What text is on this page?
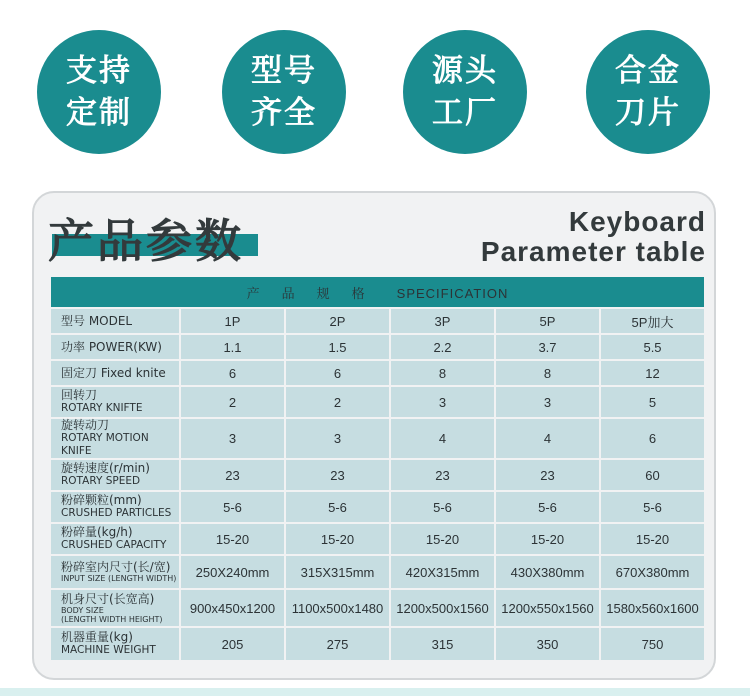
支持
定制
型号
齐全
源头
工厂
合金
刀片
产品参数	Keyboard
Parameter table
产品规格 SPECIFICATION					
型号 MODEL	1P	2P	3P	5P	5P加大
功率 POWER(KW)	1.1	1.5	2.2	3.7	5.5
固定刀 Fixed knite	6	6	8	8	12

回转刀
ROTARY KNIFTE	2	2	3	3	5

旋转动刀
ROTARY MOTION KNIFE	3	3	4	4	6

旋转速度(r/min)
ROTARY SPEED	23	23	23	23	60

粉碎颗粒(mm)
CRUSHED PARTICLES	5-6	5-6	5-6	5-6	5-6

粉碎量(kg/h)
CRUSHED CAPACITY	15-20	15-20	15-20	15-20	15-20

粉碎室内尺寸(长/宽)
INPUT SIZE (LENGTH WIDTH)	250X240mm	315X315mm	420X315mm	430X380mm	670X380mm

机身尺寸(长宽高)
BODY SIZE
(LENGTH WIDTH HEIGHT)	900x450x1200	1100x500x1480	1200x500x1560	1200x550x1560	1580x560x1600

机器重量(kg)
MACHINE WEIGHT	205	275	315	350	750
